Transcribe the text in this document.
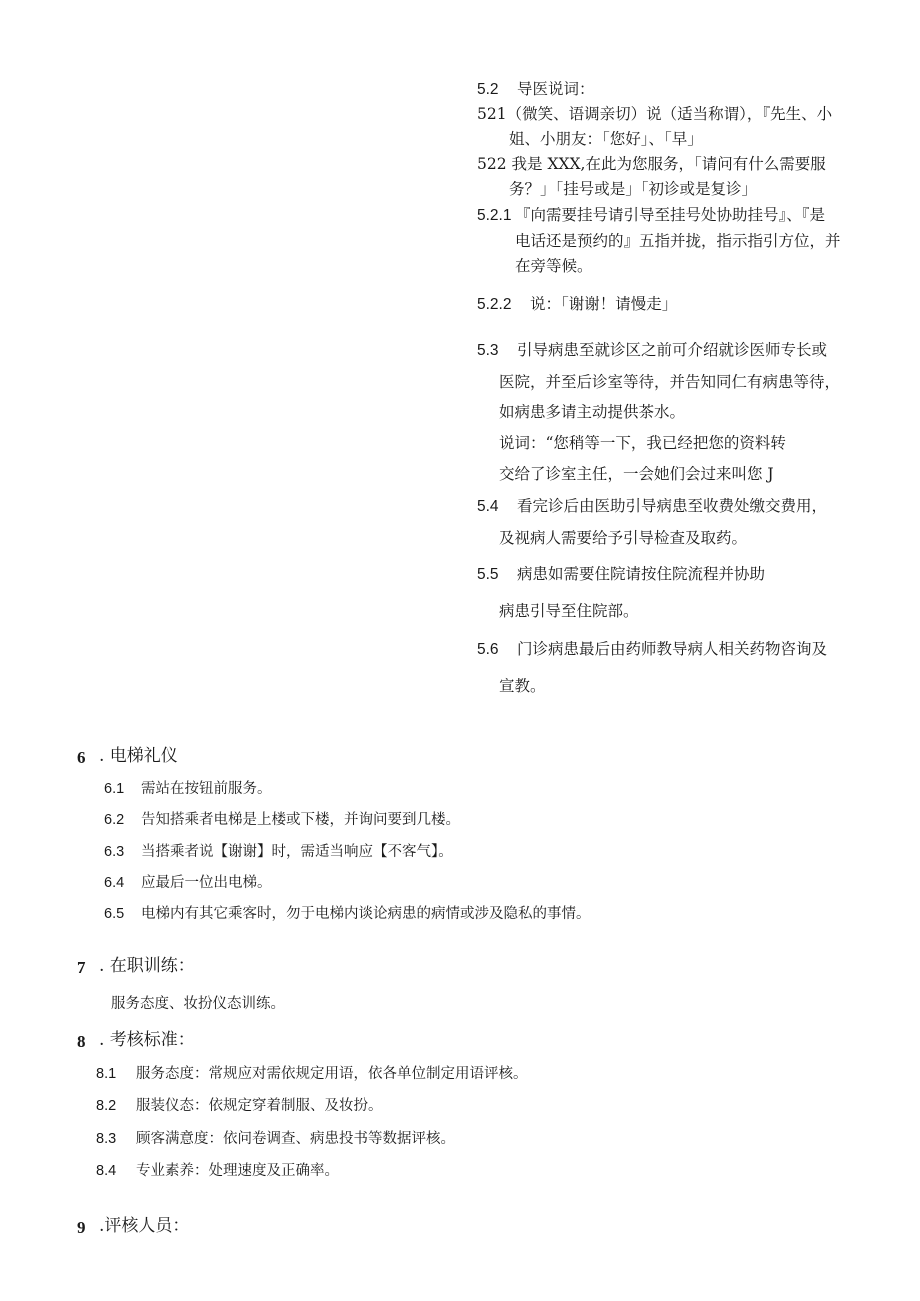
5.2 导医说词：
521（微笑、语调亲切）说（适当称谓），『先生、小
姐、小朋友：「您好」、「早」
522 我是 XXX,在此为您服务，「请问有什么需要服
务？」「挂号或是」「初诊或是复诊」
5.2.1 『向需要挂号请引导至挂号处协助挂号』、『是
电话还是预约的』五指并拢，指示指引方位，并
在旁等候。
5.2.2 说：「谢谢！请慢走」
5.3 引导病患至就诊区之前可介绍就诊医师专长或
医院，并至后诊室等待，并告知同仁有病患等待，
如病患多请主动提供茶水。
说词：“您稍等一下，我已经把您的资料转
交给了诊室主任，一会她们会过来叫您 J
5.4 看完诊后由医助引导病患至收费处缴交费用，
及视病人需要给予引导检查及取药。
5.5 病患如需要住院请按住院流程并协助
病患引导至住院部。
5.6 门诊病患最后由药师教导病人相关药物咨询及
宣教。
6 . 电梯礼仪
6.1 需站在按钮前服务。
6.2 告知搭乘者电梯是上楼或下楼，并询问要到几楼。
6.3 当搭乘者说【谢谢】时，需适当响应【不客气】。
6.4 应最后一位出电梯。
6.5 电梯内有其它乘客时，勿于电梯内谈论病患的病情或涉及隐私的事情。
7 . 在职训练：
服务态度、妆扮仪态训练。
8 . 考核标准：
8.1 服务态度：常规应对需依规定用语，依各单位制定用语评核。
8.2 服装仪态：依规定穿着制服、及妆扮。
8.3 顾客满意度：依问卷调查、病患投书等数据评核。
8.4 专业素养：处理速度及正确率。
9 .评核人员：
